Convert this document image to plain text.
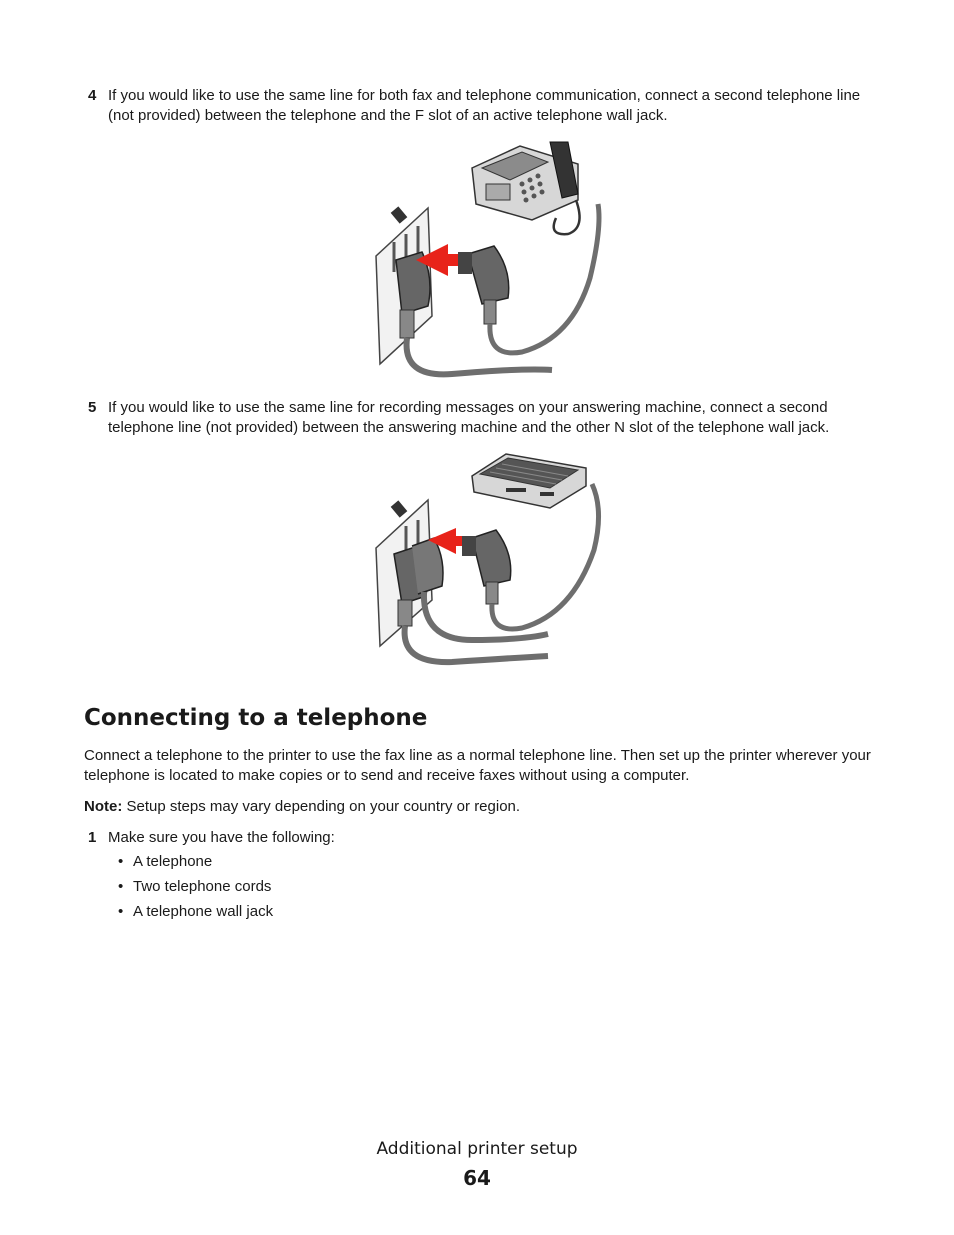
4 If you would like to use the same line for both fax and telephone communication, connect a second telephone line (not provided) between the telephone and the F slot of an active telephone wall jack.
5 If you would like to use the same line for recording messages on your answering machine, connect a second telephone line (not provided) between the answering machine and the other N slot of the telephone wall jack.
Connecting to a telephone

Connect a telephone to the printer to use the fax line as a normal telephone line. Then set up the printer wherever your telephone is located to make copies or to send and receive faxes without using a computer.

Note: Setup steps may vary depending on your country or region.

1 Make sure you have the following:
• A telephone
• Two telephone cords
• A telephone wall jack
Additional printer setup
64
